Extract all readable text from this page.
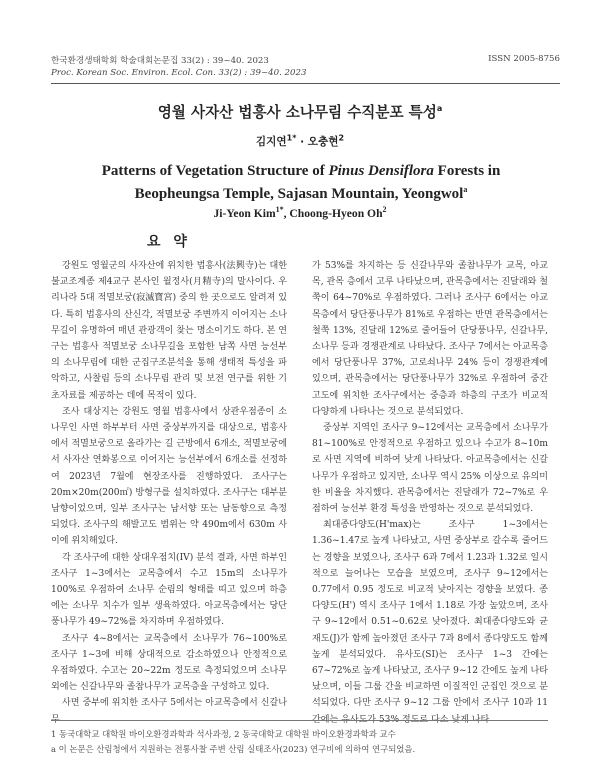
한국환경생태학회 학술대회논문집 33(2) : 39~40. 2023	ISSN 2005-8756
Proc. Korean Soc. Environ. Ecol. Con. 33(2) : 39~40. 2023
영월 사자산 법흥사 소나무림 수직분포 특성$^a$
김지연$^{1*}$ · 오충현$^2$
Patterns of Vegetation Structure of Pinus Densiflora Forests in Beopheungsa Temple, Sajasan Mountain, Yeongwol$^a$
Ji-Yeon Kim$^{1*}$, Choong-Hyeon Oh$^2$
요 약

강원도 영월군의 사자산에 위치한 법흥사(法興寺)는 대한불교조계종 제4교구 본사인 월정사(月精寺)의 말사이다. 우리나라 5대 적멸보궁(寂滅寶宮) 중의 한 곳으로도 알려져 있다. 특히 법흥사의 산신각, 적멸보궁 주변까지 이어지는 소나무길이 유명하여 매년 관광객이 찾는 명소이기도 하다. 본 연구는 법흥사 적멸보궁 소나무길을 포함한 남쪽 사면 능선부의 소나무림에 대한 군집구조분석을 통해 생태적 특성을 파악하고, 사찰림 등의 소나무림 관리 및 보전 연구를 위한 기초자료를 제공하는 데에 목적이 있다.

조사 대상지는 강원도 영월 법흥사에서 상관우점종이 소나무인 사면 하부부터 사면 중상부까지를 대상으로, 법흥사에서 적멸보궁으로 올라가는 길 근방에서 6개소, 적멸보궁에서 사자산 연화봉으로 이어지는 능선부에서 6개소를 선정하여 2023년 7월에 현장조사를 진행하였다. 조사구는 20m×20m(200㎡) 방형구를 설치하였다. 조사구는 대부분 남향이었으며, 일부 조사구는 남서향 또는 남동향으로 측정되었다. 조사구의 해발고도 범위는 약 490m에서 630m 사이에 위치해있다.

각 조사구에 대한 상대우점치(IV) 분석 결과, 사면 하부인 조사구 1~3에서는 교목층에서 수고 15m의 소나무가 100%로 우점하여 소나무 순림의 형태를 띠고 있으며 하층에는 소나무 치수가 일부 생육하였다. 아교목층에서는 당단풍나무가 49~72%를 차지하며 우점하였다.

조사구 4~8에서는 교목층에서 소나무가 76~100%로 조사구 1~3에 비해 상대적으로 감소하였으나 안정적으로 우점하였다. 수고는 20~22m 정도로 측정되었으며 소나무 외에는 신갈나무와 졸참나무가 교목층을 구성하고 있다.

사면 중부에 위치한 조사구 5에서는 아교목층에서 신갈나무

가 53%를 차지하는 등 신갈나무와 졸참나무가 교목, 아교목, 관목 층에서 고루 나타났으며, 관목층에서는 진달래와 철쭉이 64~70%로 우점하였다. 그러나 조사구 6에서는 아교목층에서 당단풍나무가 81%로 우점하는 반면 관목층에서는 철쭉 13%, 진달래 12%로 줄어들어 단당풍나무, 신갈나무, 소나무 등과 경쟁관계로 나타났다. 조사구 7에서는 아교목층에서 당단풍나무 37%, 고로쇠나무 24% 등이 경쟁관계에 있으며, 관목층에서는 당단풍나무가 32%로 우점하여 중간 고도에 위치한 조사구에서는 중층과 하층의 구조가 비교적 다양하게 나타나는 것으로 분석되었다.

중상부 지역인 조사구 9~12에서는 교목층에서 소나무가 81~100%로 안정적으로 우점하고 있으나 수고가 8~10m로 사면 지역에 비하여 낮게 나타났다. 아교목층에서는 신갈나무가 우점하고 있지만, 소나무 역시 25% 이상으로 유의미한 비율을 차지했다. 관목층에서는 진달래가 72~7%로 우점하여 능선부 환경 특성을 반영하는 것으로 분석되었다.

최대종다양도(H'max)는 조사구 1~3에서는 1.36~1.47로 높게 나타났고, 사면 중상부로 갈수록 줄어드는 경향을 보였으나, 조사구 6과 7에서 1.23과 1.32로 일시적으로 늘어나는 모습을 보였으며, 조사구 9~12에서는 0.77에서 0.95 정도로 비교적 낮아지는 경향을 보였다. 종다양도(H') 역시 조사구 1에서 1.18로 가장 높았으며, 조사구 9~12에서 0.51~0.62로 낮아졌다. 최대종다양도와 균재도(J)가 함께 높아졌던 조사구 7과 8에서 종다양도도 함께 높게 분석되었다. 유사도(SI)는 조사구 1~3 간에는 67~72%로 높게 나타났고, 조사구 9~12 간에도 높게 나타났으며, 이들 그룹 간을 비교하면 이질적인 군집인 것으로 분석되었다. 다만 조사구 9~12 그룹 안에서 조사구 10과 11 간에는 유사도가 53% 정도로 다소 낮게 나타

1 동국대학교 대학원 바이오환경과학과 석사과정, 2 동국대학교 대학원 바이오환경과학과 교수
a 이 논문은 산림청에서 지원하는 전통사찰 주변 산림 실태조사(2023) 연구비에 의하여 연구되었음.
